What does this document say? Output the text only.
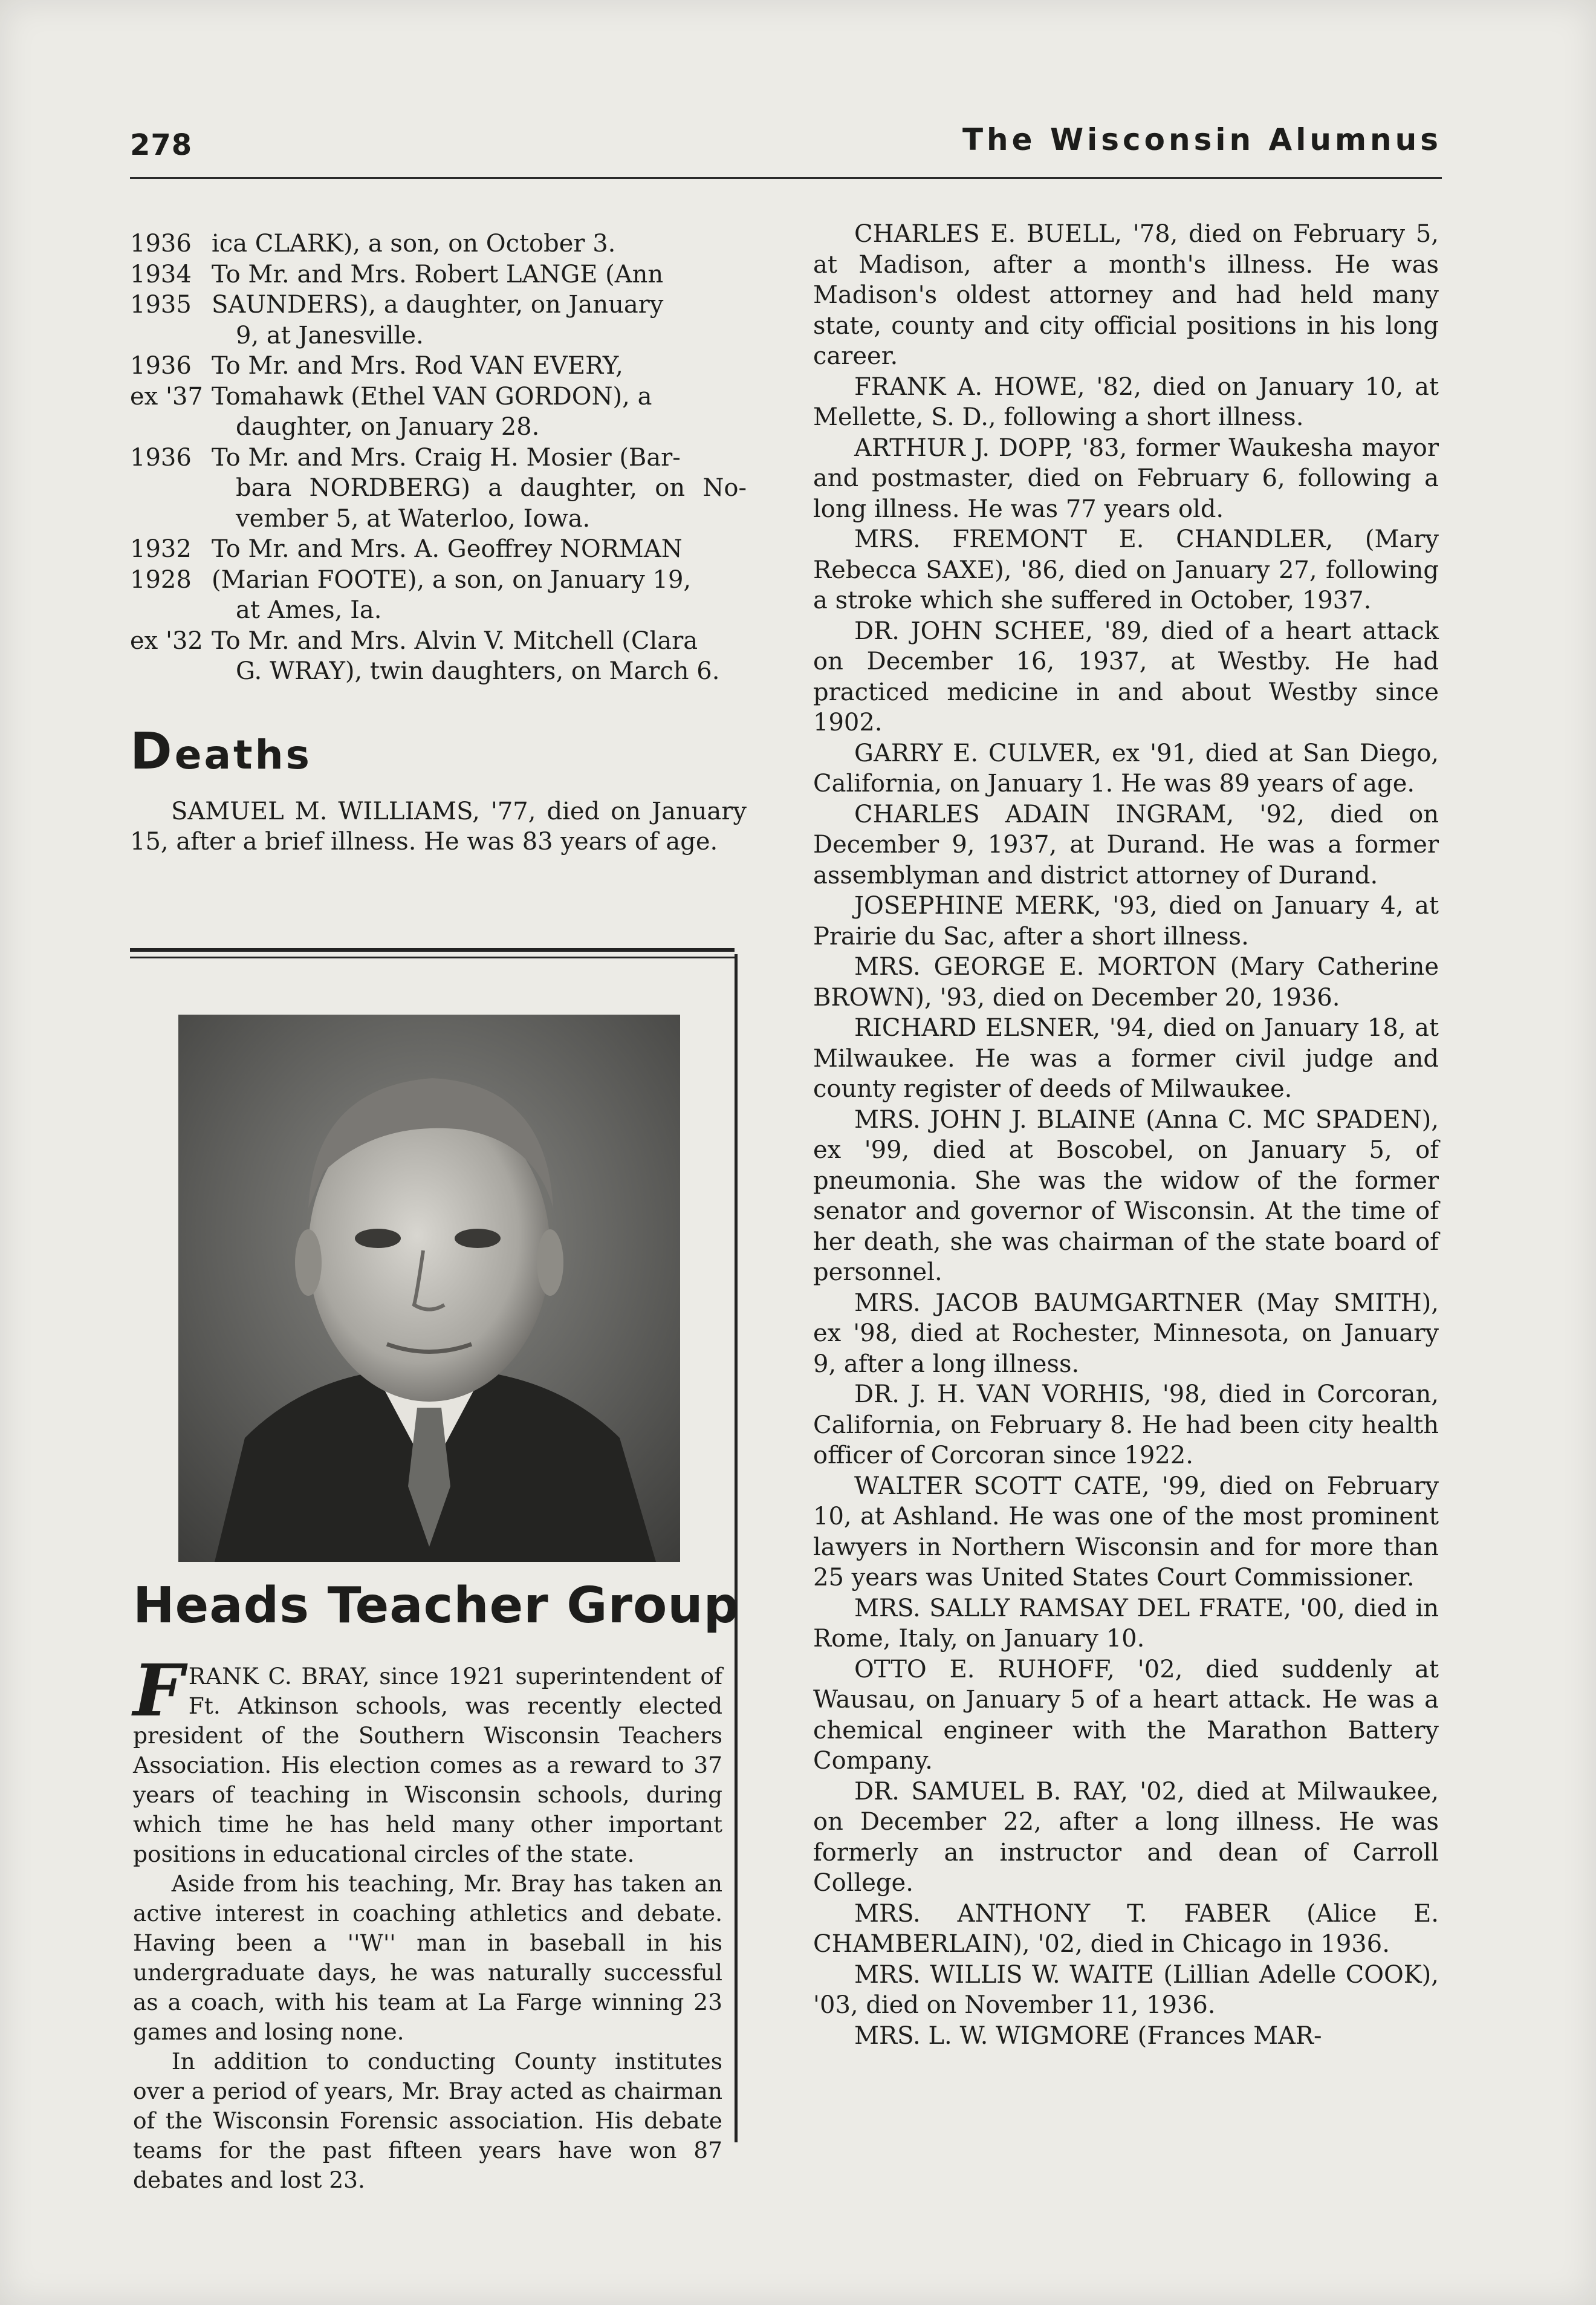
278	The Wisconsin Alumnus
1936 ica CLARK), a son, on October 3.
1934 To Mr. and Mrs. Robert LANGE (Ann
1935 SAUNDERS), a daughter, on January
9, at Janesville.
1936 To Mr. and Mrs. Rod VAN EVERY,
ex '37 Tomahawk (Ethel VAN GORDON), a
daughter, on January 28.
1936 To Mr. and Mrs. Craig H. Mosier (Bar-
bara NORDBERG) a daughter, on No- vember 5, at Waterloo, Iowa.
1932 To Mr. and Mrs. A. Geoffrey NORMAN
1928 (Marian FOOTE), a son, on January 19,
at Ames, Ia.
ex '32 To Mr. and Mrs. Alvin V. Mitchell (Clara
G. WRAY), twin daughters, on March 6.
Deaths

SAMUEL M. WILLIAMS, '77, died on January 15, after a brief illness. He was 83 years of age.

Heads Teacher Group

FRANK C. BRAY, since 1921 superintendent of Ft. Atkinson schools, was recently elected president of the Southern Wisconsin Teachers Association. His election comes as a reward to 37 years of teaching in Wisconsin schools, during which time he has held many other important positions in educational circles of the state.

Aside from his teaching, Mr. Bray has taken an active interest in coaching athletics and debate. Having been a ''W'' man in baseball in his undergraduate days, he was naturally successful as a coach, with his team at La Farge winning 23 games and losing none.

In addition to conducting County institutes over a period of years, Mr. Bray acted as chairman of the Wisconsin Forensic association. His debate teams for the past fifteen years have won 87 debates and lost 23.

CHARLES E. BUELL, '78, died on February 5, at Madison, after a month's illness. He was Madison's oldest attorney and had held many state, county and city official positions in his long career.

FRANK A. HOWE, '82, died on January 10, at Mellette, S. D., following a short illness.

ARTHUR J. DOPP, '83, former Waukesha mayor and postmaster, died on February 6, following a long illness. He was 77 years old.

MRS. FREMONT E. CHANDLER, (Mary Rebecca SAXE), '86, died on January 27, following a stroke which she suffered in October, 1937.

DR. JOHN SCHEE, '89, died of a heart attack on December 16, 1937, at Westby. He had practiced medicine in and about Westby since 1902.

GARRY E. CULVER, ex '91, died at San Diego, California, on January 1. He was 89 years of age.

CHARLES ADAIN INGRAM, '92, died on December 9, 1937, at Durand. He was a former assemblyman and district attorney of Durand.

JOSEPHINE MERK, '93, died on January 4, at Prairie du Sac, after a short illness.

MRS. GEORGE E. MORTON (Mary Catherine BROWN), '93, died on December 20, 1936.

RICHARD ELSNER, '94, died on January 18, at Milwaukee. He was a former civil judge and county register of deeds of Milwaukee.

MRS. JOHN J. BLAINE (Anna C. MC SPADEN), ex '99, died at Boscobel, on January 5, of pneumonia. She was the widow of the former senator and governor of Wisconsin. At the time of her death, she was chairman of the state board of personnel.

MRS. JACOB BAUMGARTNER (May SMITH), ex '98, died at Rochester, Minnesota, on January 9, after a long illness.

DR. J. H. VAN VORHIS, '98, died in Corcoran, California, on February 8. He had been city health officer of Corcoran since 1922.

WALTER SCOTT CATE, '99, died on February 10, at Ashland. He was one of the most prominent lawyers in Northern Wisconsin and for more than 25 years was United States Court Commissioner.

MRS. SALLY RAMSAY DEL FRATE, '00, died in Rome, Italy, on January 10.

OTTO E. RUHOFF, '02, died suddenly at Wausau, on January 5 of a heart attack. He was a chemical engineer with the Marathon Battery Company.

DR. SAMUEL B. RAY, '02, died at Milwaukee, on December 22, after a long illness. He was formerly an instructor and dean of Carroll College.

MRS. ANTHONY T. FABER (Alice E. CHAMBERLAIN), '02, died in Chicago in 1936.

MRS. WILLIS W. WAITE (Lillian Adelle COOK), '03, died on November 11, 1936.

MRS. L. W. WIGMORE (Frances MAR-
